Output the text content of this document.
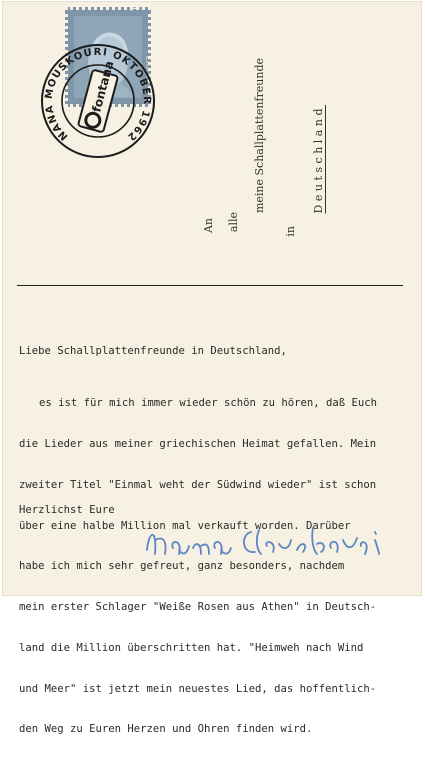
1
ΕΛΛΑΣ
NANA MOUSKOURI OKTOBER 1962
fontana
An alle
meine Schallplattenfreunde
in
Deutschland
Liebe Schallplattenfreunde in Deutschland,

es ist für mich immer wieder schön zu hören, daß Euch

die Lieder aus meiner griechischen Heimat gefallen. Mein

zweiter Titel "Einmal weht der Südwind wieder" ist schon

über eine halbe Million mal verkauft worden. Darüber

habe ich mich sehr gefreut, ganz besonders, nachdem

mein erster Schlager "Weiße Rosen aus Athen" in Deutsch-

land die Million überschritten hat. "Heimweh nach Wind

und Meer" ist jetzt mein neuestes Lied, das hoffentlich-

den Weg zu Euren Herzen und Ohren finden wird.

Herzlichst Eure
